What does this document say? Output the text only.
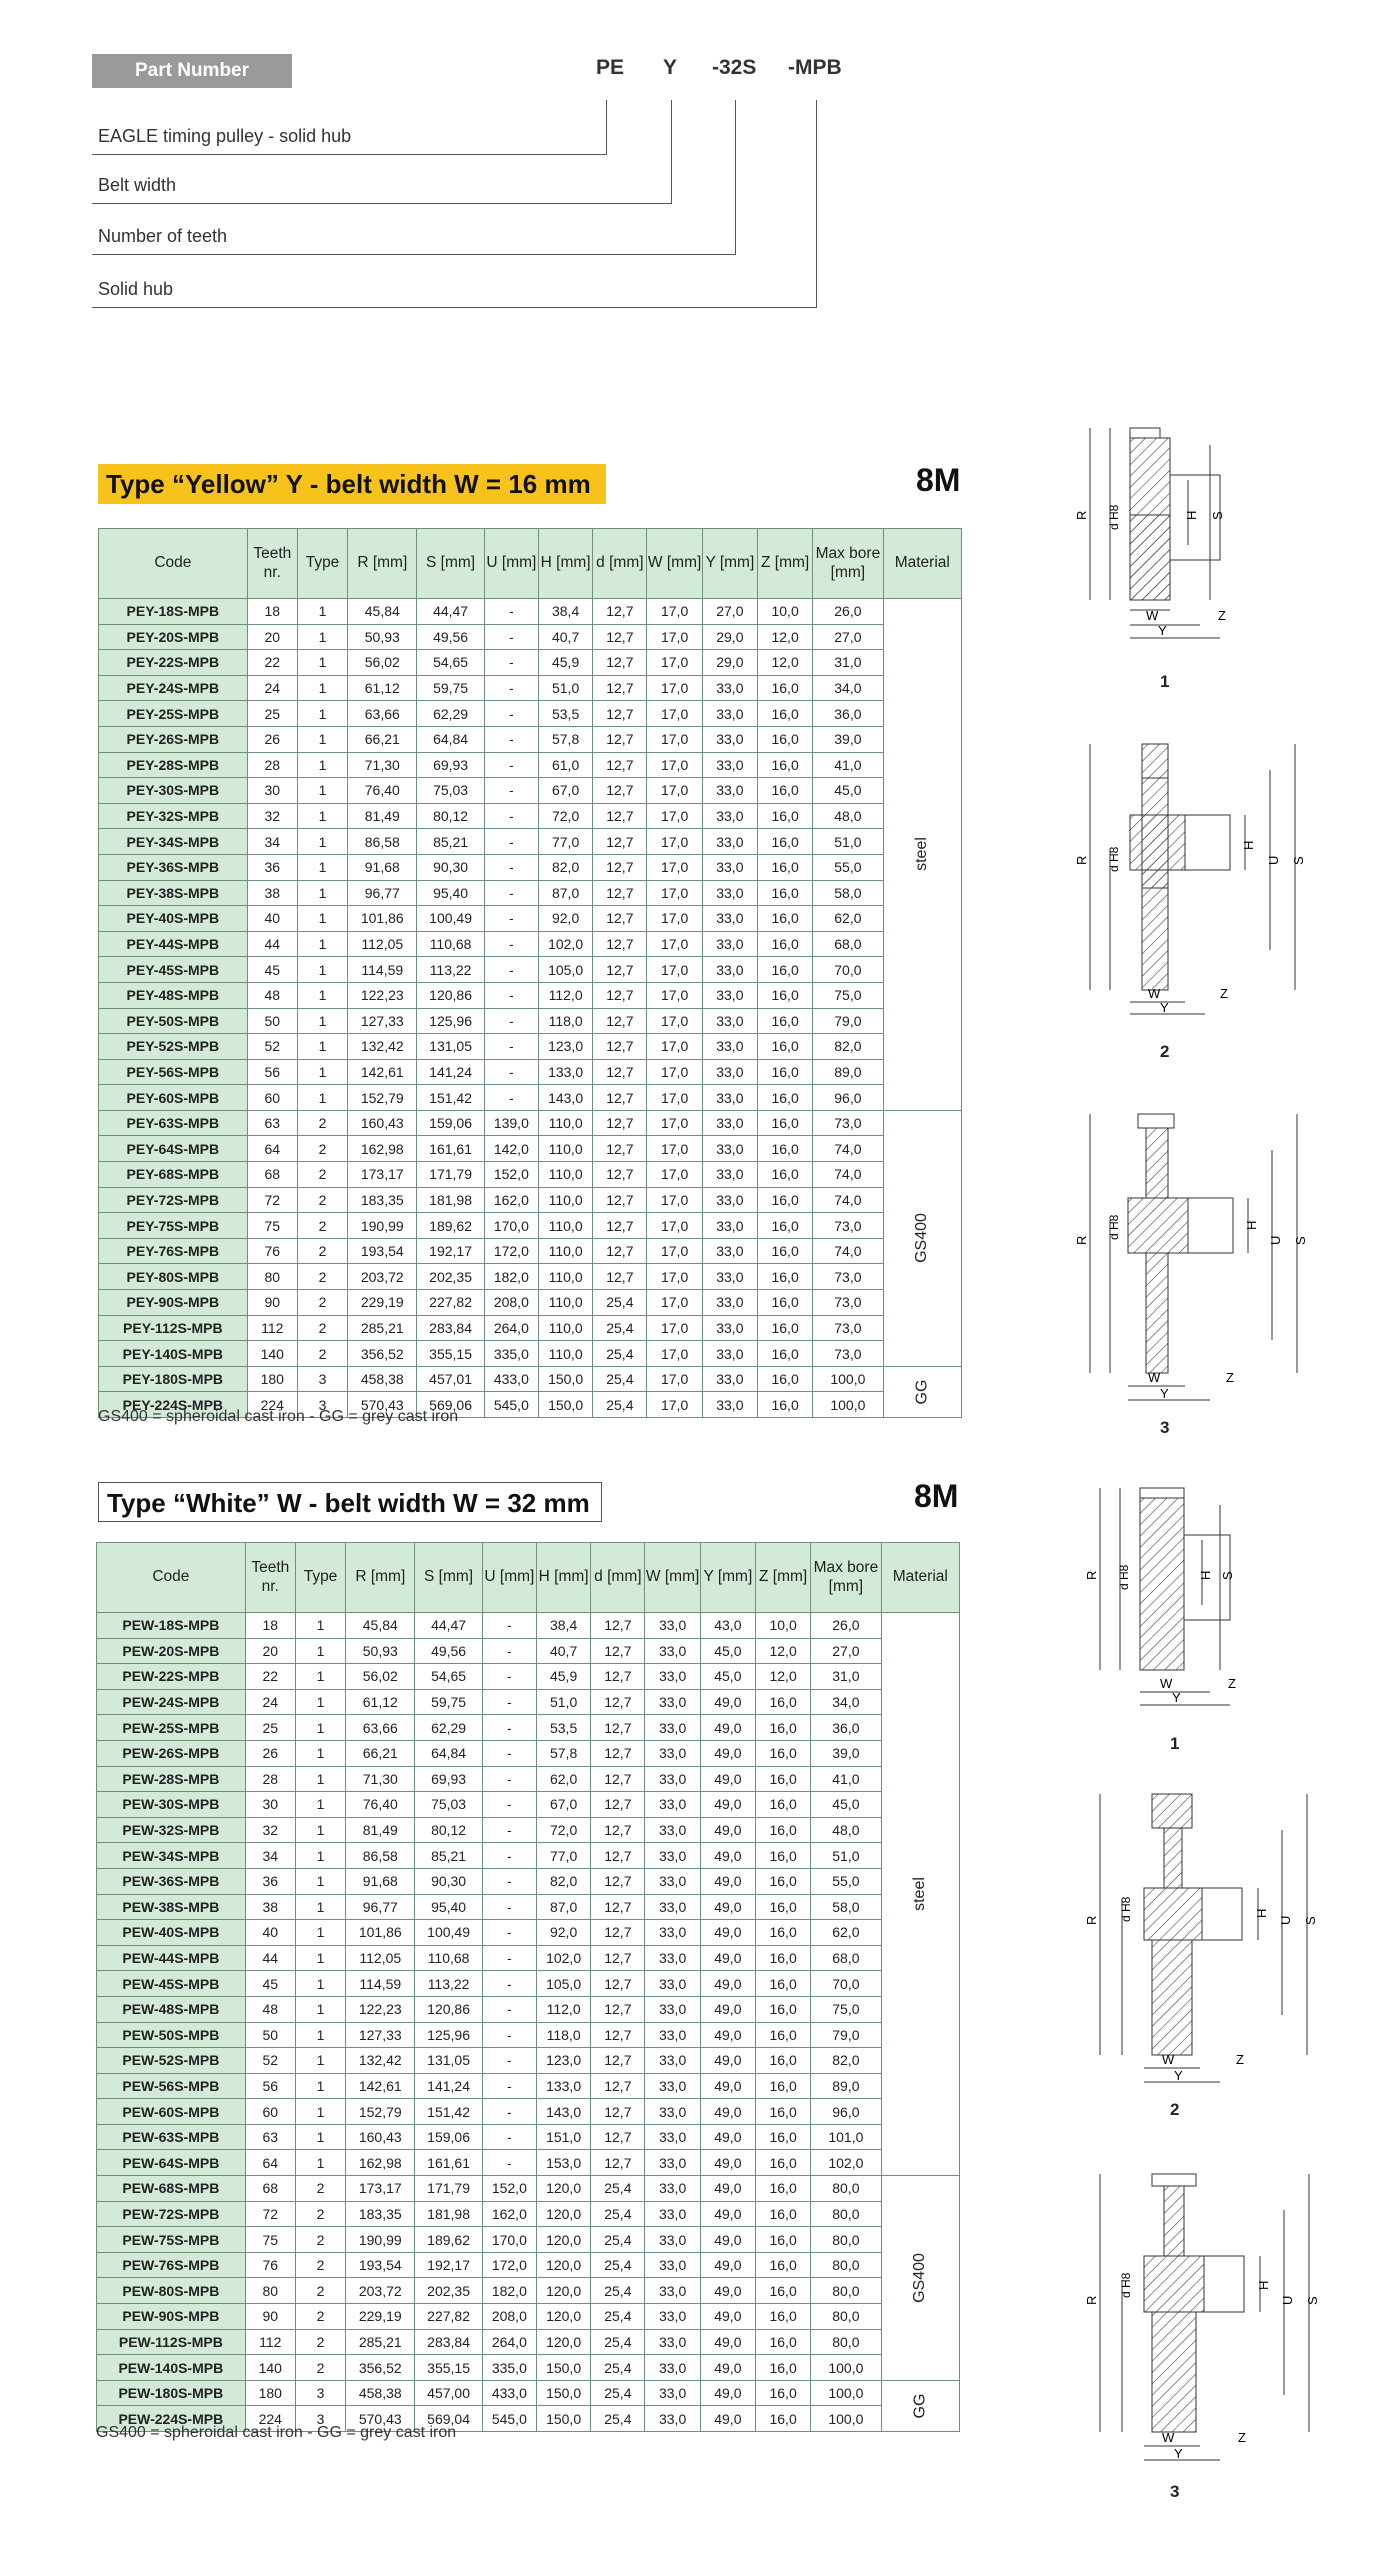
Part Number	PE Y -32S -MPB
EAGLE timing pulley - solid hub
Belt width
Number of teeth
Solid hub
Type “Yellow” Y - belt width W = 16 mm	8M
Code	Teeth nr.	Type	R [mm]	S [mm]	U [mm]	H [mm]	d [mm]	W [mm]	Y [mm]	Z [mm]	Max bore [mm]	Material
PEY-18S-MPB	18	1	45,84	44,47	-	38,4	12,7	17,0	27,0	10,0	26,0	steel
PEY-20S-MPB	20	1	50,93	49,56	-	40,7	12,7	17,0	29,0	12,0	27,0	
PEY-22S-MPB	22	1	56,02	54,65	-	45,9	12,7	17,0	29,0	12,0	31,0	
PEY-24S-MPB	24	1	61,12	59,75	-	51,0	12,7	17,0	33,0	16,0	34,0	
PEY-25S-MPB	25	1	63,66	62,29	-	53,5	12,7	17,0	33,0	16,0	36,0	
PEY-26S-MPB	26	1	66,21	64,84	-	57,8	12,7	17,0	33,0	16,0	39,0	
PEY-28S-MPB	28	1	71,30	69,93	-	61,0	12,7	17,0	33,0	16,0	41,0	
PEY-30S-MPB	30	1	76,40	75,03	-	67,0	12,7	17,0	33,0	16,0	45,0	
PEY-32S-MPB	32	1	81,49	80,12	-	72,0	12,7	17,0	33,0	16,0	48,0	
PEY-34S-MPB	34	1	86,58	85,21	-	77,0	12,7	17,0	33,0	16,0	51,0	
PEY-36S-MPB	36	1	91,68	90,30	-	82,0	12,7	17,0	33,0	16,0	55,0	
PEY-38S-MPB	38	1	96,77	95,40	-	87,0	12,7	17,0	33,0	16,0	58,0	
PEY-40S-MPB	40	1	101,86	100,49	-	92,0	12,7	17,0	33,0	16,0	62,0	
PEY-44S-MPB	44	1	112,05	110,68	-	102,0	12,7	17,0	33,0	16,0	68,0	
PEY-45S-MPB	45	1	114,59	113,22	-	105,0	12,7	17,0	33,0	16,0	70,0	
PEY-48S-MPB	48	1	122,23	120,86	-	112,0	12,7	17,0	33,0	16,0	75,0	
PEY-50S-MPB	50	1	127,33	125,96	-	118,0	12,7	17,0	33,0	16,0	79,0	
PEY-52S-MPB	52	1	132,42	131,05	-	123,0	12,7	17,0	33,0	16,0	82,0	
PEY-56S-MPB	56	1	142,61	141,24	-	133,0	12,7	17,0	33,0	16,0	89,0	
PEY-60S-MPB	60	1	152,79	151,42	-	143,0	12,7	17,0	33,0	16,0	96,0	
PEY-63S-MPB	63	2	160,43	159,06	139,0	110,0	12,7	17,0	33,0	16,0	73,0	GS400
PEY-64S-MPB	64	2	162,98	161,61	142,0	110,0	12,7	17,0	33,0	16,0	74,0	
PEY-68S-MPB	68	2	173,17	171,79	152,0	110,0	12,7	17,0	33,0	16,0	74,0	
PEY-72S-MPB	72	2	183,35	181,98	162,0	110,0	12,7	17,0	33,0	16,0	74,0	
PEY-75S-MPB	75	2	190,99	189,62	170,0	110,0	12,7	17,0	33,0	16,0	73,0	
PEY-76S-MPB	76	2	193,54	192,17	172,0	110,0	12,7	17,0	33,0	16,0	74,0	
PEY-80S-MPB	80	2	203,72	202,35	182,0	110,0	12,7	17,0	33,0	16,0	73,0	
PEY-90S-MPB	90	2	229,19	227,82	208,0	110,0	25,4	17,0	33,0	16,0	73,0	
PEY-112S-MPB	112	2	285,21	283,84	264,0	110,0	25,4	17,0	33,0	16,0	73,0	
PEY-140S-MPB	140	2	356,52	355,15	335,0	110,0	25,4	17,0	33,0	16,0	73,0	
PEY-180S-MPB	180	3	458,38	457,01	433,0	150,0	25,4	17,0	33,0	16,0	100,0	GG
PEY-224S-MPB	224	3	570,43	569,06	545,0	150,0	25,4	17,0	33,0	16,0	100,0	
GS400 = spheroidal cast iron - GG = grey cast iron
Type “White” W - belt width W = 32 mm	8M
Code	Teeth nr.	Type	R [mm]	S [mm]	U [mm]	H [mm]	d [mm]	W [mm]	Y [mm]	Z [mm]	Max bore [mm]	Material
PEW-18S-MPB	18	1	45,84	44,47	-	38,4	12,7	33,0	43,0	10,0	26,0	steel
PEW-20S-MPB	20	1	50,93	49,56	-	40,7	12,7	33,0	45,0	12,0	27,0	
PEW-22S-MPB	22	1	56,02	54,65	-	45,9	12,7	33,0	45,0	12,0	31,0	
PEW-24S-MPB	24	1	61,12	59,75	-	51,0	12,7	33,0	49,0	16,0	34,0	
PEW-25S-MPB	25	1	63,66	62,29	-	53,5	12,7	33,0	49,0	16,0	36,0	
PEW-26S-MPB	26	1	66,21	64,84	-	57,8	12,7	33,0	49,0	16,0	39,0	
PEW-28S-MPB	28	1	71,30	69,93	-	62,0	12,7	33,0	49,0	16,0	41,0	
PEW-30S-MPB	30	1	76,40	75,03	-	67,0	12,7	33,0	49,0	16,0	45,0	
PEW-32S-MPB	32	1	81,49	80,12	-	72,0	12,7	33,0	49,0	16,0	48,0	
PEW-34S-MPB	34	1	86,58	85,21	-	77,0	12,7	33,0	49,0	16,0	51,0	
PEW-36S-MPB	36	1	91,68	90,30	-	82,0	12,7	33,0	49,0	16,0	55,0	
PEW-38S-MPB	38	1	96,77	95,40	-	87,0	12,7	33,0	49,0	16,0	58,0	
PEW-40S-MPB	40	1	101,86	100,49	-	92,0	12,7	33,0	49,0	16,0	62,0	
PEW-44S-MPB	44	1	112,05	110,68	-	102,0	12,7	33,0	49,0	16,0	68,0	
PEW-45S-MPB	45	1	114,59	113,22	-	105,0	12,7	33,0	49,0	16,0	70,0	
PEW-48S-MPB	48	1	122,23	120,86	-	112,0	12,7	33,0	49,0	16,0	75,0	
PEW-50S-MPB	50	1	127,33	125,96	-	118,0	12,7	33,0	49,0	16,0	79,0	
PEW-52S-MPB	52	1	132,42	131,05	-	123,0	12,7	33,0	49,0	16,0	82,0	
PEW-56S-MPB	56	1	142,61	141,24	-	133,0	12,7	33,0	49,0	16,0	89,0	
PEW-60S-MPB	60	1	152,79	151,42	-	143,0	12,7	33,0	49,0	16,0	96,0	
PEW-63S-MPB	63	1	160,43	159,06	-	151,0	12,7	33,0	49,0	16,0	101,0	
PEW-64S-MPB	64	1	162,98	161,61	-	153,0	12,7	33,0	49,0	16,0	102,0	
PEW-68S-MPB	68	2	173,17	171,79	152,0	120,0	25,4	33,0	49,0	16,0	80,0	GS400
PEW-72S-MPB	72	2	183,35	181,98	162,0	120,0	25,4	33,0	49,0	16,0	80,0	
PEW-75S-MPB	75	2	190,99	189,62	170,0	120,0	25,4	33,0	49,0	16,0	80,0	
PEW-76S-MPB	76	2	193,54	192,17	172,0	120,0	25,4	33,0	49,0	16,0	80,0	
PEW-80S-MPB	80	2	203,72	202,35	182,0	120,0	25,4	33,0	49,0	16,0	80,0	
PEW-90S-MPB	90	2	229,19	227,82	208,0	120,0	25,4	33,0	49,0	16,0	80,0	
PEW-112S-MPB	112	2	285,21	283,84	264,0	120,0	25,4	33,0	49,0	16,0	80,0	
PEW-140S-MPB	140	2	356,52	355,15	335,0	150,0	25,4	33,0	49,0	16,0	100,0	
PEW-180S-MPB	180	3	458,38	457,00	433,0	150,0	25,4	33,0	49,0	16,0	100,0	GG
PEW-224S-MPB	224	3	570,43	569,04	545,0	150,0	25,4	33,0	49,0	16,0	100,0	
GS400 = spheroidal cast iron - GG = grey cast iron
R d H8	H S
W
Y
Z
1
R d H8
H
U S
W
Y
Z
2
R
d H8	H
U S
W
Y
Z
3
R d H8	H S
W
Y
Z
1
R d H8	H
U S
W
Y
Z
2
R
d H8	H
U S
W
Y
Z
3
